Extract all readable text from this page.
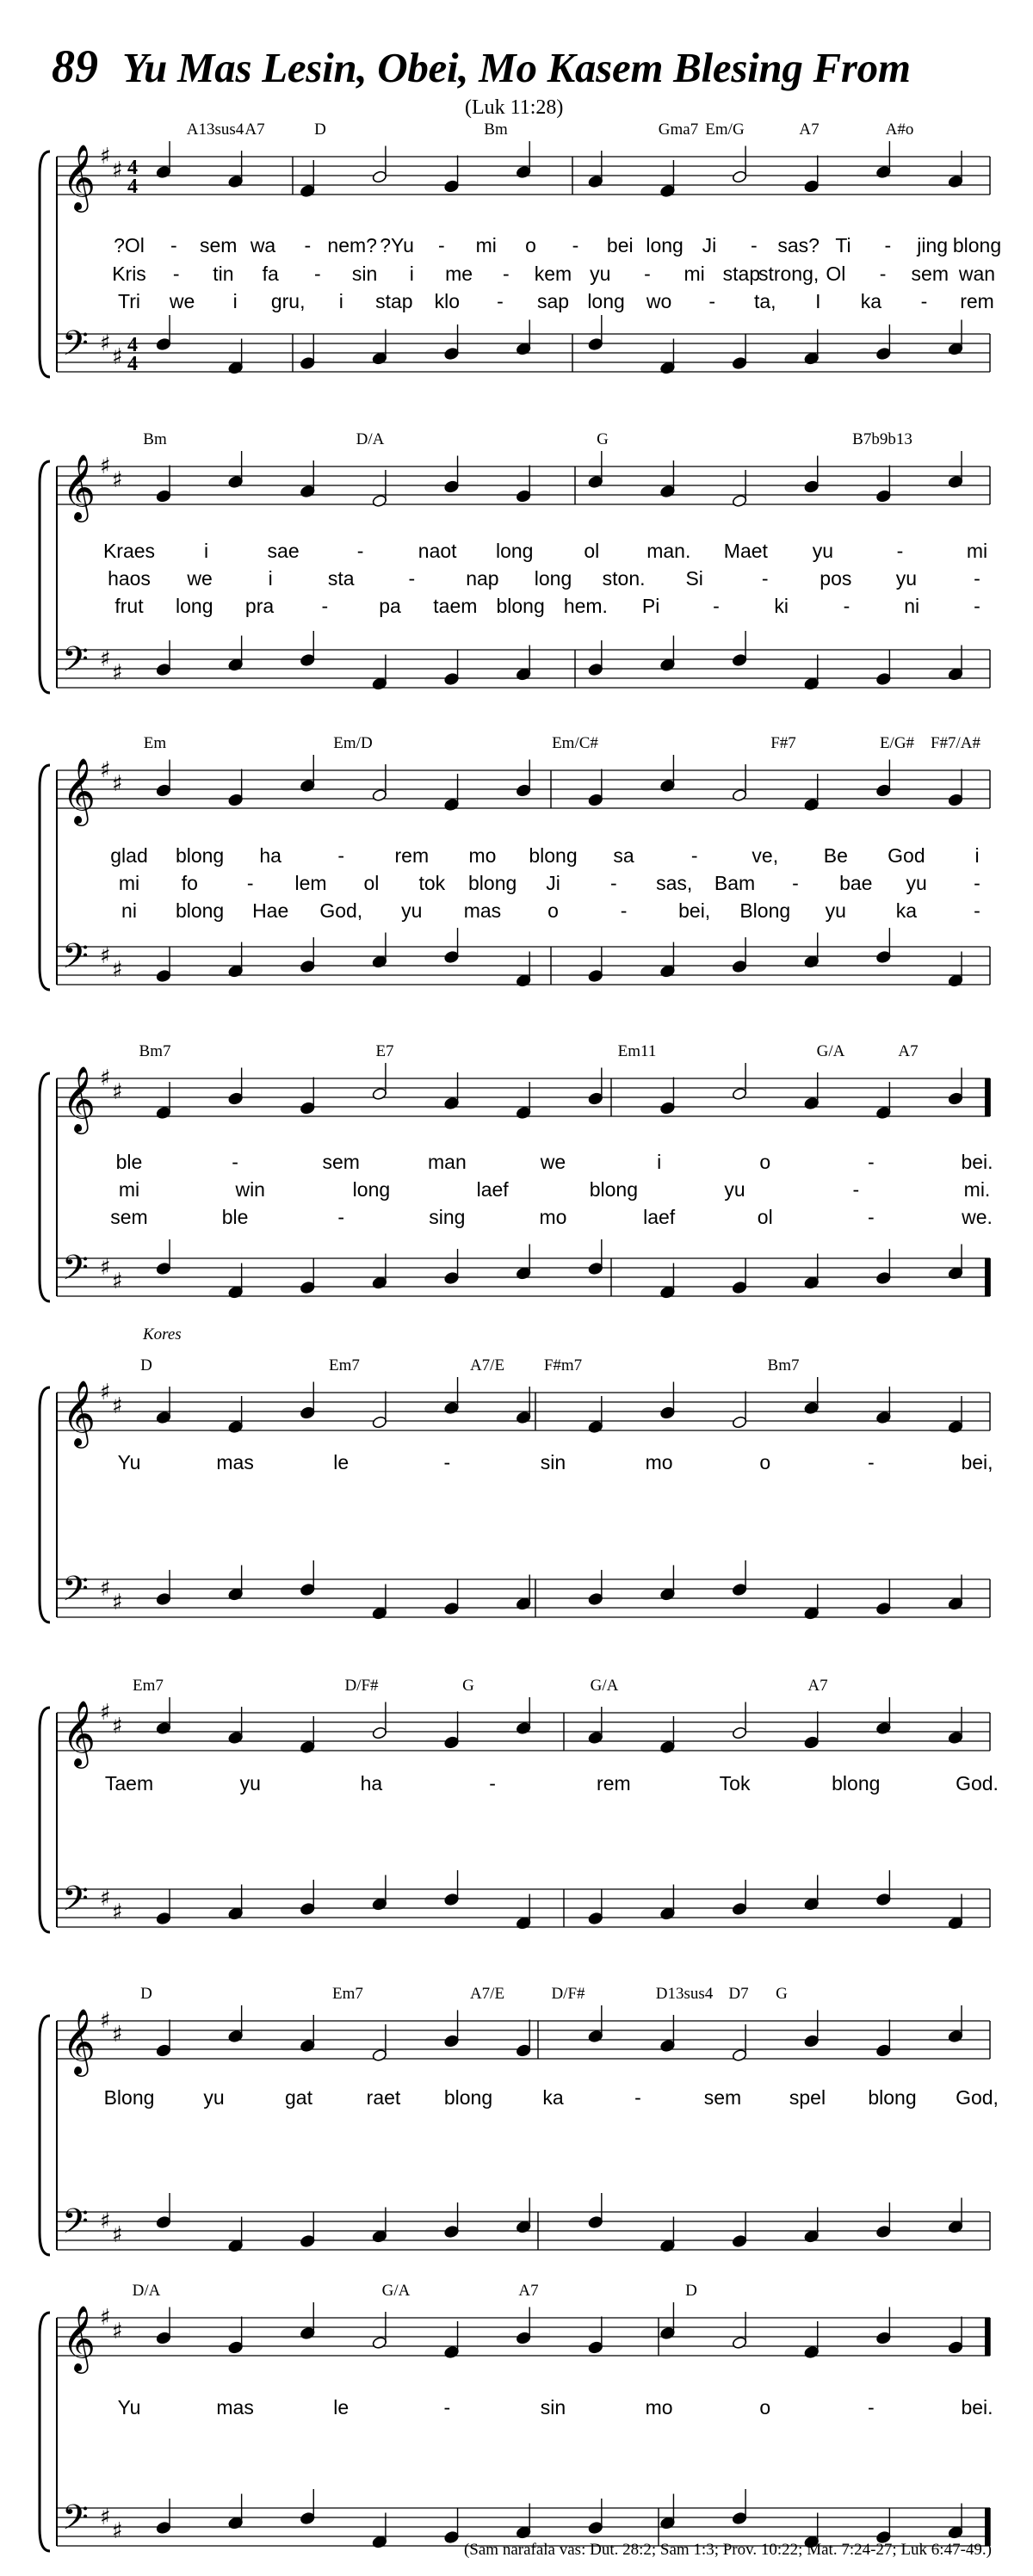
89 Yu Mas Lesin, Obei, Mo Kasem Blesing From
(Luk 11:28)
𝄞 ♯
♯ 4
4
𝄢 ♯
♯ 4
4
A13sus4 A7	D	Bm	Gma7 Em/G	A7	A#o
?Ol - sem wa - nem? ?Yu - mi o - bei long Ji - sas? Ti - jing blong
Kris - tin fa - sin i me - kem yu - mi stap
strong, Ol - sem wan
Tri we i gru, i stap klo - sap long wo - ta, I ka - rem
𝄞 ♯
♯
𝄢 ♯
♯
Bm	D/A	G	B7b9b13
Kraes i	sae	-	naot long	ol man. Maet yu	-	mi
haos we	i	sta	-	nap long ston. Si	-	pos yu	-
frut long pra -	pa taem blong hem. Pi	-	ki	-	ni	-
𝄞 ♯
♯
𝄢 ♯
♯
Em	Em/D	Em/C#	F#7	E/G# F#7/A#
glad blong ha	-	rem mo blong sa	-	ve, Be God	i
mi fo - lem ol tok blong Ji	- sas, Bam - bae yu -
ni blong Hae God, yu mas o	-	bei, Blong yu	ka	-
𝄞 ♯
♯
𝄢 ♯
♯
Bm7	E7	Em11	G/A	A7
ble	-	sem	man	we	i	o	-	bei.
mi	win	long	laef	blong	yu	-	mi.
sem	ble	-	sing	mo	laef	ol	-	we.
𝄞 ♯
♯
𝄢 ♯
♯
Kores
D	Em7	A7/E F#m7	Bm7
Yu	mas	le	-	sin	mo	o	-	bei,
𝄞 ♯
♯
𝄢 ♯
♯
Em7	D/F#	G	G/A	A7
Taem	yu	ha	-	rem	Tok	blong	God.
𝄞 ♯
♯
𝄢 ♯
♯
D	Em7	A7/E	D/F#	D13sus4 D7 G
Blong yu	gat	raet blong	ka	-	sem spel blong God,
𝄞 ♯
♯
𝄢 ♯
♯
D/A	G/A	A7	D
Yu	mas	le	-	sin	mo	o	-	bei.
(Sam narafala vas: Dut. 28:2; Sam 1:3; Prov. 10:22; Mat. 7:24-27; Luk 6:47-49.)
